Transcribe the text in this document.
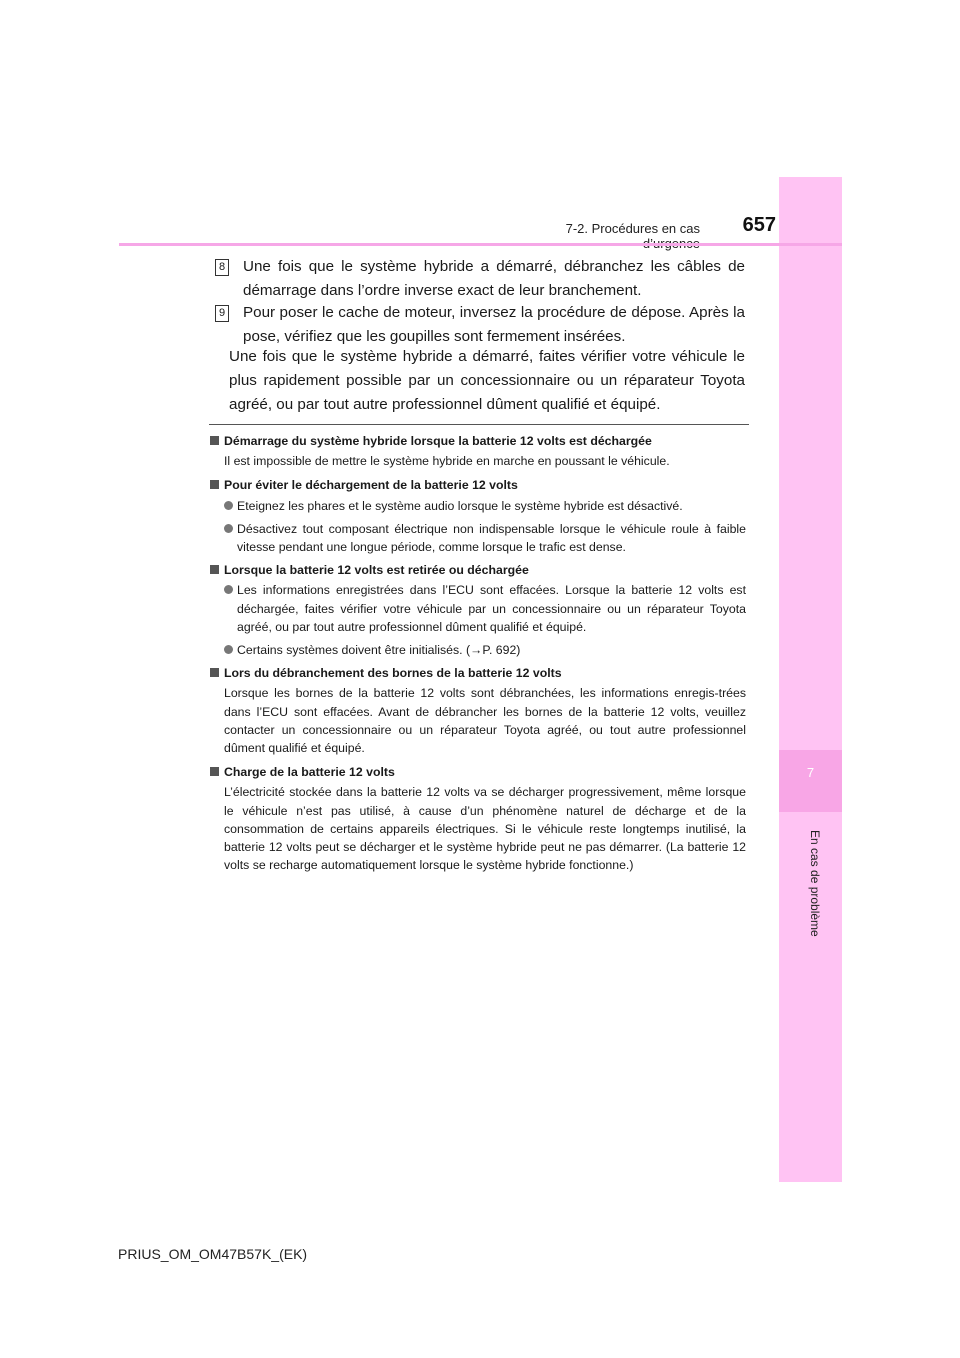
7
En cas de problème
7-2. Procédures en cas	657
8 Une fois que le système hybride a démarré, débranchez les câbles de démarrage dans l’ordre inverse exact de leur branchement.
9 Pour poser le cache de moteur, inversez la procédure de dépose. Après la pose, vérifiez que les goupilles sont fermement insérées.

Une fois que le système hybride a démarré, faites vérifier votre véhicule le plus rapidement possible par un concessionnaire ou un réparateur Toyota agréé, ou par tout autre professionnel dûment qualifié et équipé.

Démarrage du système hybride lorsque la batterie 12 volts est déchargée

Il est impossible de mettre le système hybride en marche en poussant le véhicule.

Pour éviter le déchargement de la batterie 12 volts
Eteignez les phares et le système audio lorsque le système hybride est désactivé.
Désactivez tout composant électrique non indispensable lorsque le véhicule roule à faible vitesse pendant une longue période, comme lorsque le trafic est dense.
Lorsque la batterie 12 volts est retirée ou déchargée
Les informations enregistrées dans l’ECU sont effacées. Lorsque la batterie 12 volts est déchargée, faites vérifier votre véhicule par un concessionnaire ou un réparateur Toyota agréé, ou par tout autre professionnel dûment qualifié et équipé.
Certains systèmes doivent être initialisés. (→P. 692)
Lors du débranchement des bornes de la batterie 12 volts

Lorsque les bornes de la batterie 12 volts sont débranchées, les informations enregis-trées dans l’ECU sont effacées. Avant de débrancher les bornes de la batterie 12 volts, veuillez contacter un concessionnaire ou un réparateur Toyota agréé, ou tout autre professionnel dûment qualifié et équipé.

Charge de la batterie 12 volts

L’électricité stockée dans la batterie 12 volts va se décharger progressivement, même lorsque le véhicule n’est pas utilisé, à cause d’un phénomène naturel de décharge et de la consommation de certains appareils électriques. Si le véhicule reste longtemps inutilisé, la batterie 12 volts peut se décharger et le système hybride peut ne pas démarrer. (La batterie 12 volts se recharge automatiquement lorsque le système hybride fonctionne.)

PRIUS_OM_OM47B57K_(EK)
